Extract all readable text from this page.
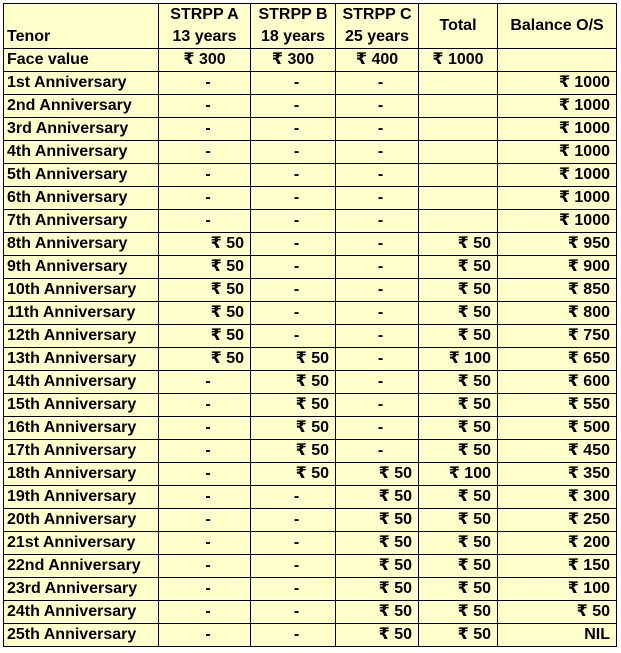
	STRPP A	STRPP B	STRPP C	Total	Balance O/S
Tenor	13 years	18 years	25 years		
Face value	₹ 300	₹ 300	₹ 400	₹ 1000	
1st Anniversary	-	-	-		₹ 1000
2nd Anniversary	-	-	-		₹ 1000
3rd Anniversary	-	-	-		₹ 1000
4th Anniversary	-	-	-		₹ 1000
5th Anniversary	-	-	-		₹ 1000
6th Anniversary	-	-	-		₹ 1000
7th Anniversary	-	-	-		₹ 1000
8th Anniversary	₹ 50	-	-	₹ 50	₹ 950
9th Anniversary	₹ 50	-	-	₹ 50	₹ 900
10th Anniversary	₹ 50	-	-	₹ 50	₹ 850
11th Anniversary	₹ 50	-	-	₹ 50	₹ 800
12th Anniversary	₹ 50	-	-	₹ 50	₹ 750
13th Anniversary	₹ 50	₹ 50	-	₹ 100	₹ 650
14th Anniversary	-	₹ 50	-	₹ 50	₹ 600
15th Anniversary	-	₹ 50	-	₹ 50	₹ 550
16th Anniversary	-	₹ 50	-	₹ 50	₹ 500
17th Anniversary	-	₹ 50	-	₹ 50	₹ 450
18th Anniversary	-	₹ 50	₹ 50	₹ 100	₹ 350
19th Anniversary	-	-	₹ 50	₹ 50	₹ 300
20th Anniversary	-	-	₹ 50	₹ 50	₹ 250
21st Anniversary	-	-	₹ 50	₹ 50	₹ 200
22nd Anniversary	-	-	₹ 50	₹ 50	₹ 150
23rd Anniversary	-	-	₹ 50	₹ 50	₹ 100
24th Anniversary	-	-	₹ 50	₹ 50	₹ 50
25th Anniversary	-	-	₹ 50	₹ 50	NIL
